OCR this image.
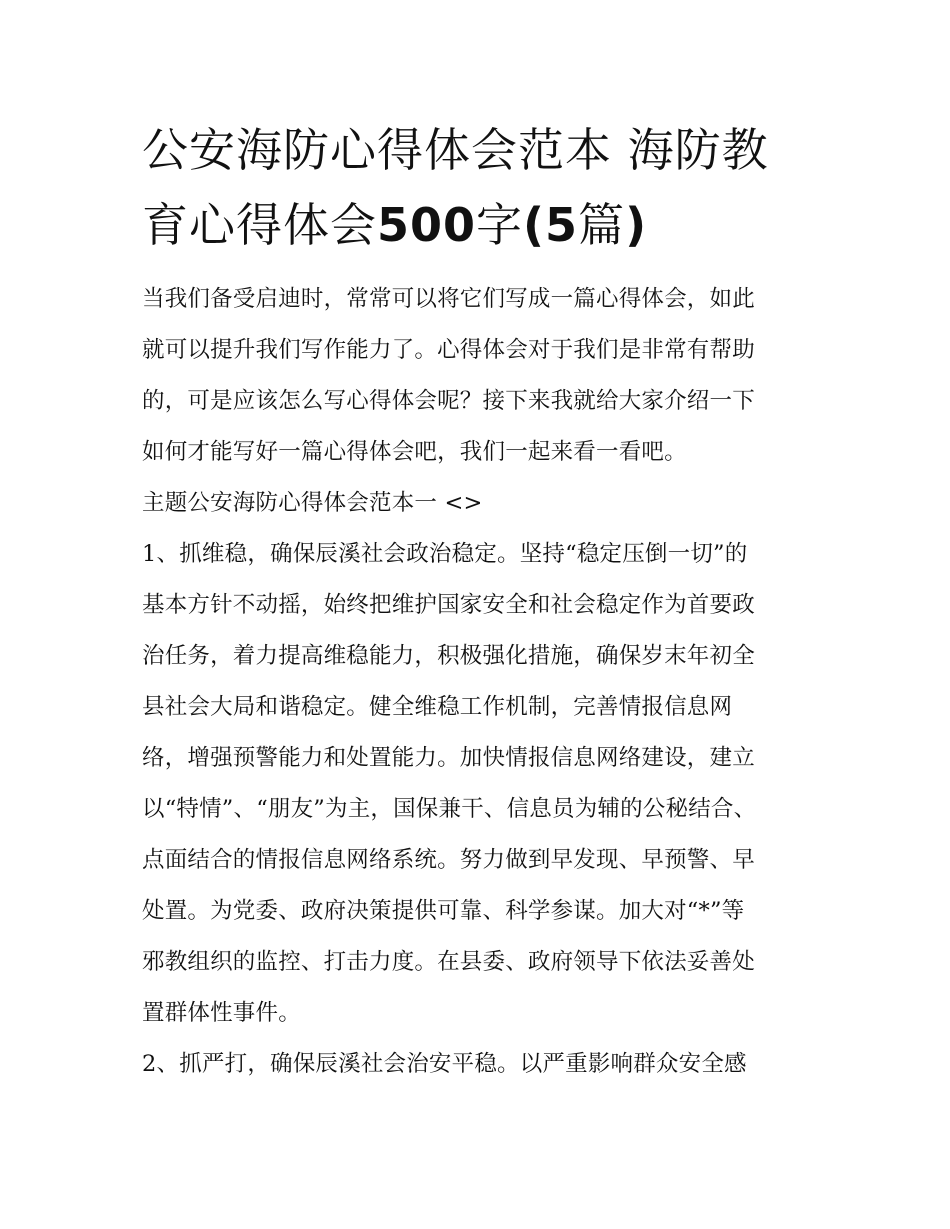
公安海防心得体会范本 海防教
育心得体会500字(5篇)

当我们备受启迪时，常常可以将它们写成一篇心得体会，如此
就可以提升我们写作能力了。心得体会对于我们是非常有帮助
的，可是应该怎么写心得体会呢？接下来我就给大家介绍一下
如何才能写好一篇心得体会吧，我们一起来看一看吧。

主题公安海防心得体会范本一 <>

1、抓维稳，确保辰溪社会政治稳定。坚持“稳定压倒一切”的
基本方针不动摇，始终把维护国家安全和社会稳定作为首要政
治任务，着力提高维稳能力，积极强化措施，确保岁末年初全
县社会大局和谐稳定。健全维稳工作机制，完善情报信息网
络，增强预警能力和处置能力。加快情报信息网络建设，建立
以“特情”、“朋友”为主，国保兼干、信息员为辅的公秘结合、
点面结合的情报信息网络系统。努力做到早发现、早预警、早
处置。为党委、政府决策提供可靠、科学参谋。加大对“*”等
邪教组织的监控、打击力度。在县委、政府领导下依法妥善处
置群体性事件。

2、抓严打，确保辰溪社会治安平稳。以严重影响群众安全感
